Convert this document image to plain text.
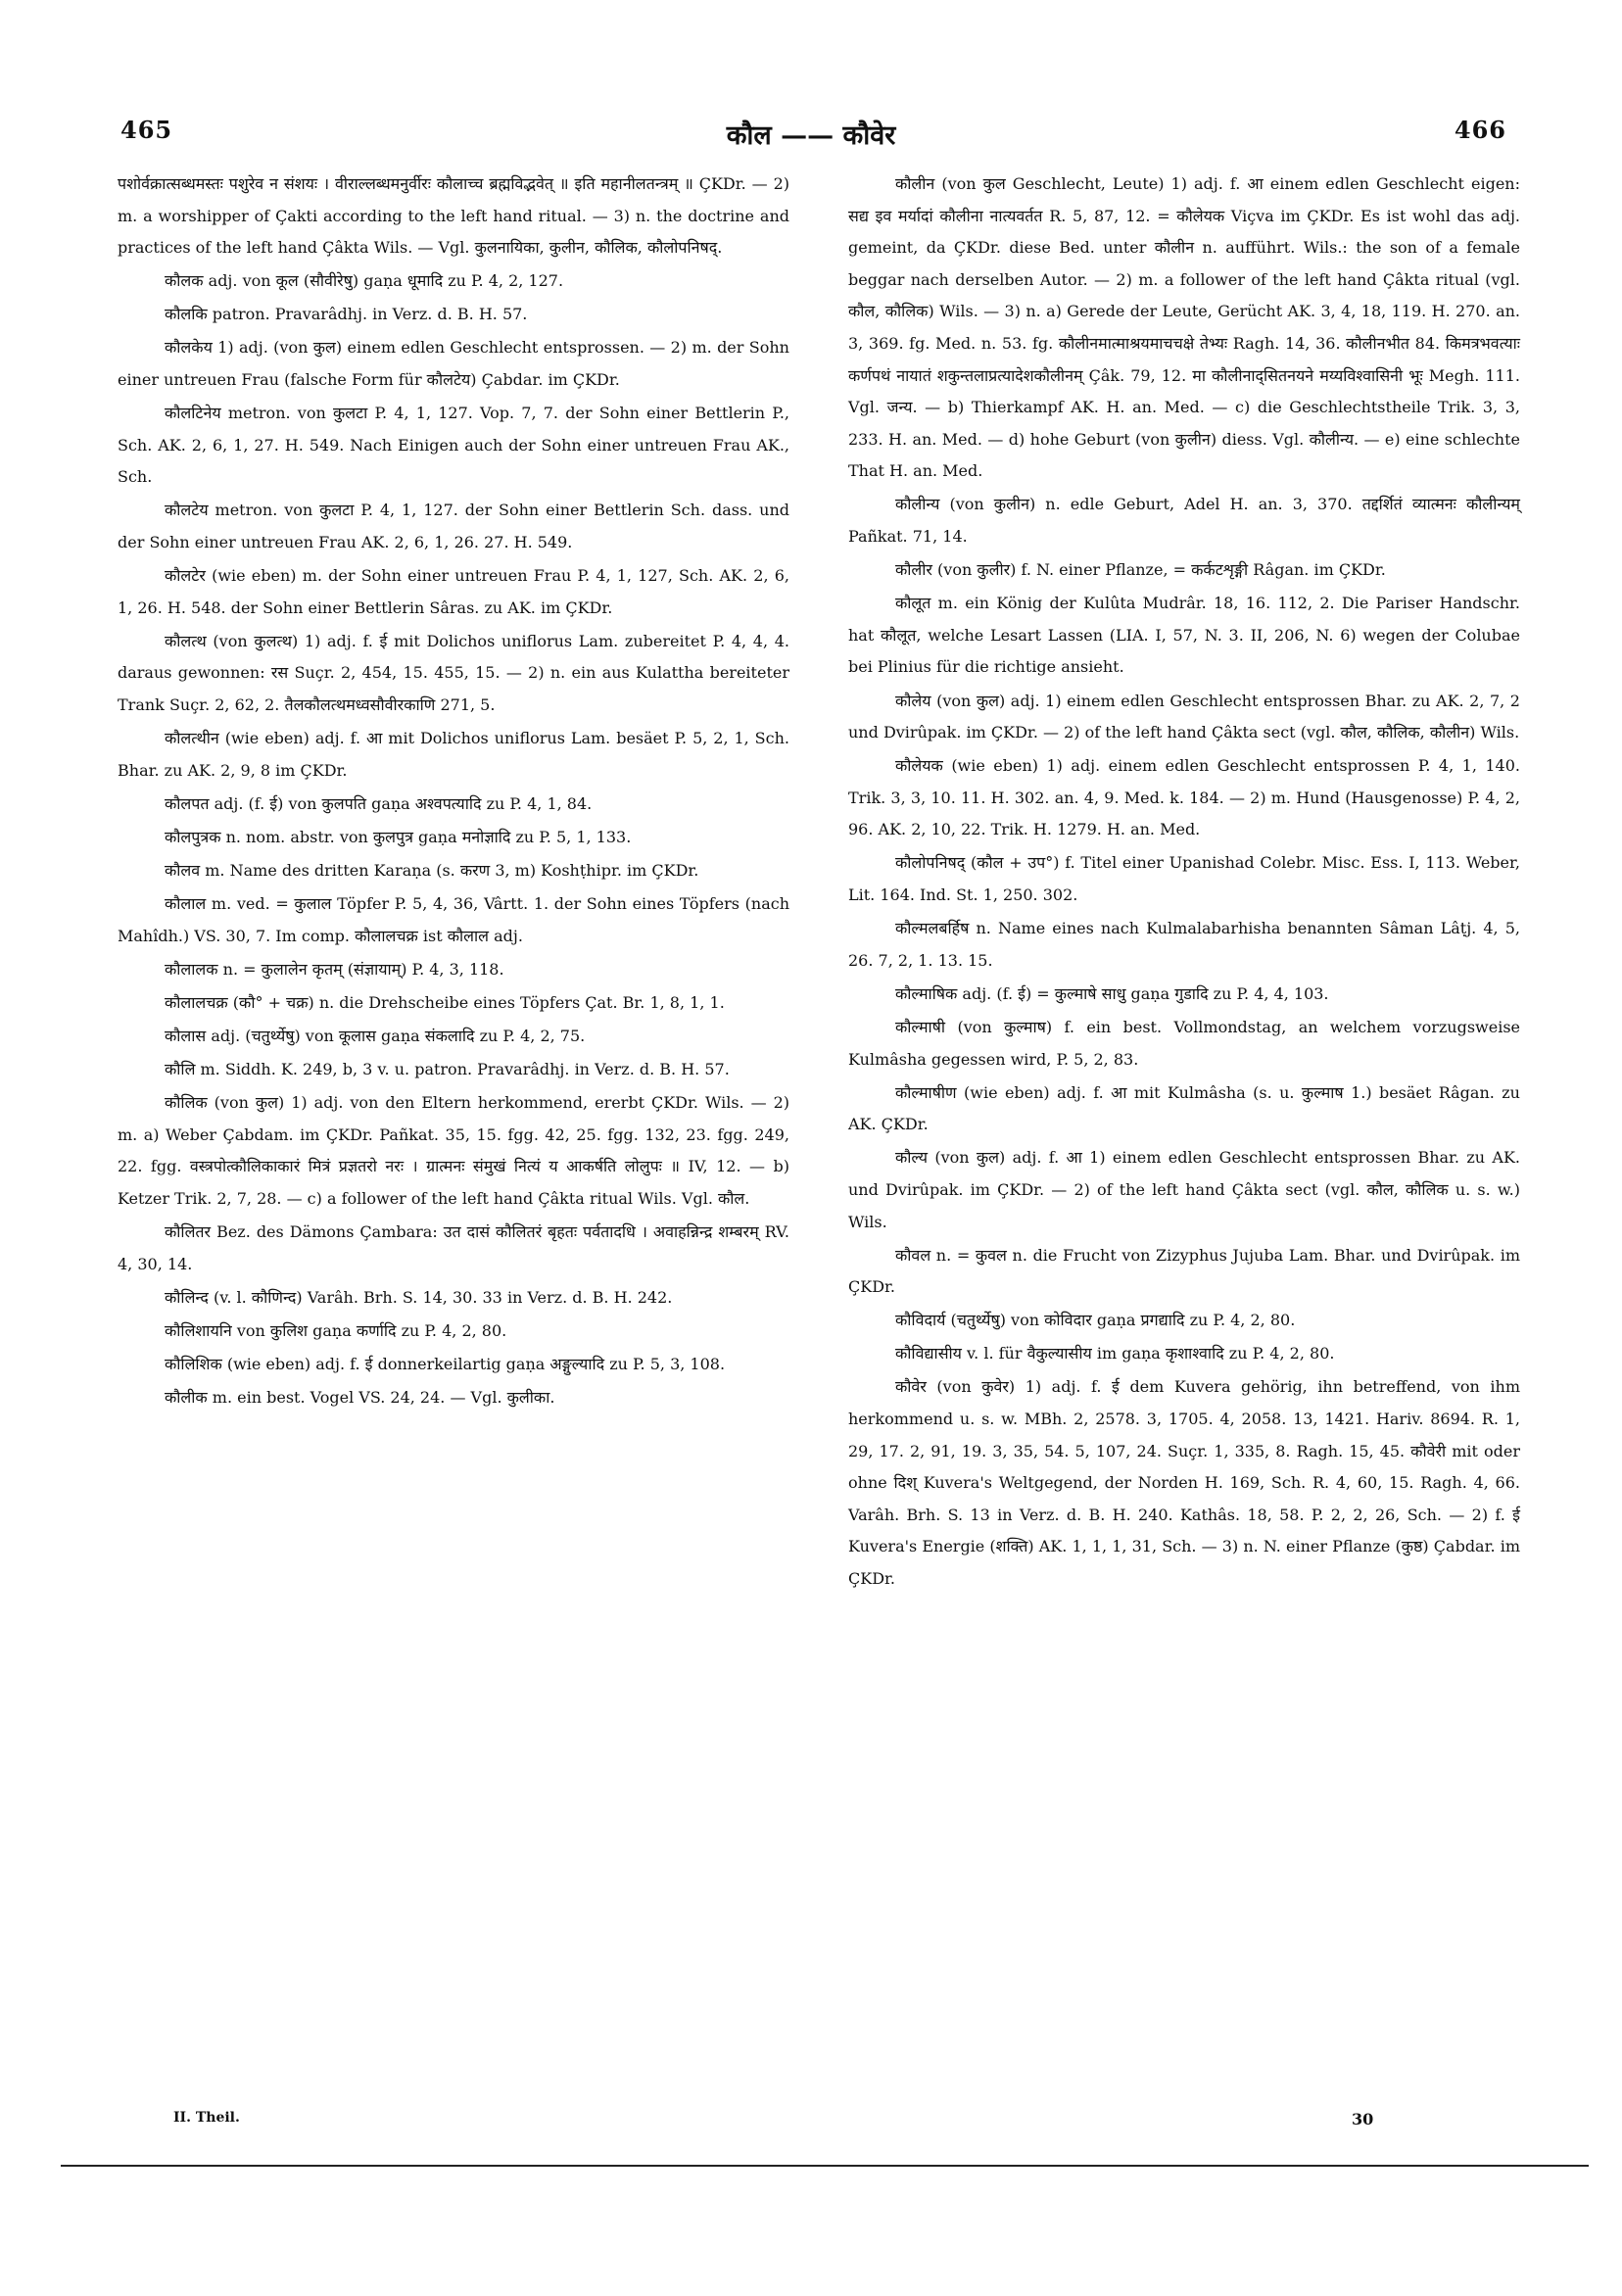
465	कौल —— कौवेर	466

पशोर्वक्रात्सब्धमस्तः पशुरेव न संशयः । वीराल्लब्धमनुर्वीरः कौलाच्च ब्रह्मविद्भवेत् ॥ इति महानीलतन्त्रम् ॥ ÇKDr. — 2) m. a worshipper of Çakti according to the left hand ritual. — 3) n. the doctrine and practices of the left hand Çâkta Wils. — Vgl. कुलनायिका, कुलीन, कौलिक, कौलोपनिषद्.

कौलक adj. von कूल (सौवीरेषु) gaṇa धूमादि zu P. 4, 2, 127.

कौलकि patron. Pravarâdhj. in Verz. d. B. H. 57.

कौलकेय 1) adj. (von कुल) einem edlen Geschlecht entsprossen. — 2) m. der Sohn einer untreuen Frau (falsche Form für कौलटेय) Çabdar. im ÇKDr.

कौलटिनेय metron. von कुलटा P. 4, 1, 127. Vop. 7, 7. der Sohn einer Bettlerin P., Sch. AK. 2, 6, 1, 27. H. 549. Nach Einigen auch der Sohn einer untreuen Frau AK., Sch.

कौलटेय metron. von कुलटा P. 4, 1, 127. der Sohn einer Bettlerin Sch. dass. und der Sohn einer untreuen Frau AK. 2, 6, 1, 26. 27. H. 549.

कौलटेर (wie eben) m. der Sohn einer untreuen Frau P. 4, 1, 127, Sch. AK. 2, 6, 1, 26. H. 548. der Sohn einer Bettlerin Sâras. zu AK. im ÇKDr.

कौलत्थ (von कुलत्थ) 1) adj. f. ई mit Dolichos uniflorus Lam. zubereitet P. 4, 4, 4. daraus gewonnen: रस Suçr. 2, 454, 15. 455, 15. — 2) n. ein aus Kulattha bereiteter Trank Suçr. 2, 62, 2. तैलकौलत्थमध्वसौवीरकाणि 271, 5.

कौलत्थीन (wie eben) adj. f. आ mit Dolichos uniflorus Lam. besäet P. 5, 2, 1, Sch. Bhar. zu AK. 2, 9, 8 im ÇKDr.

कौलपत adj. (f. ई) von कुलपति gaṇa अश्वपत्यादि zu P. 4, 1, 84.

कौलपुत्रक n. nom. abstr. von कुलपुत्र gaṇa मनोज्ञादि zu P. 5, 1, 133.

कौलव m. Name des dritten Karaṇa (s. करण 3, m) Koshṭhipr. im ÇKDr.

कौलाल m. ved. = कुलाल Töpfer P. 5, 4, 36, Vârtt. 1. der Sohn eines Töpfers (nach Mahîdh.) VS. 30, 7. Im comp. कौलालचक्र ist कौलाल adj.

कौलालक n. = कुलालेन कृतम् (संज्ञायाम्) P. 4, 3, 118.

कौलालचक्र (कौ° + चक्र) n. die Drehscheibe eines Töpfers Çat. Br. 1, 8, 1, 1.

कौलास adj. (चतुर्थ्येषु) von कूलास gaṇa संकलादि zu P. 4, 2, 75.

कौलि m. Siddh. K. 249, b, 3 v. u. patron. Pravarâdhj. in Verz. d. B. H. 57.

कौलिक (von कुल) 1) adj. von den Eltern herkommend, ererbt ÇKDr. Wils. — 2) m. a) Weber Çabdam. im ÇKDr. Pañkat. 35, 15. fgg. 42, 25. fgg. 132, 23. fgg. 249, 22. fgg. वस्त्रपोत्कौलिकाकारं मित्रं प्रज्ञतरो नरः । ग्रात्मनः संमुखं नित्यं य आकर्षति लोलुपः ॥ IV, 12. — b) Ketzer Trik. 2, 7, 28. — c) a follower of the left hand Çâkta ritual Wils. Vgl. कौल.

कौलितर Bez. des Dämons Çambara: उत दासं कौलितरं बृहतः पर्वतादधि । अवाहन्निन्द्र शम्बरम् RV. 4, 30, 14.

कौलिन्द (v. l. कौणिन्द) Varâh. Brh. S. 14, 30. 33 in Verz. d. B. H. 242.

कौलिशायनि von कुलिश gaṇa कर्णादि zu P. 4, 2, 80.

कौलिशिक (wie eben) adj. f. ई donnerkeilartig gaṇa अङ्गुल्यादि zu P. 5, 3, 108.

कौलीक m. ein best. Vogel VS. 24, 24. — Vgl. कुलीका.

कौलीन (von कुल Geschlecht, Leute) 1) adj. f. आ einem edlen Geschlecht eigen: सद्य इव मर्यादां कौलीना नात्यवर्तत R. 5, 87, 12. = कौलेयक Viçva im ÇKDr. Es ist wohl das adj. gemeint, da ÇKDr. diese Bed. unter कौलीन n. aufführt. Wils.: the son of a female beggar nach derselben Autor. — 2) m. a follower of the left hand Çâkta ritual (vgl. कौल, कौलिक) Wils. — 3) n. a) Gerede der Leute, Gerücht AK. 3, 4, 18, 119. H. 270. an. 3, 369. fg. Med. n. 53. fg. कौलीनमात्माश्रयमाचचक्षे तेभ्यः Ragh. 14, 36. कौलीनभीत 84. किमत्रभवत्याः कर्णपथं नायातं शकुन्तलाप्रत्यादेशकौलीनम् Çâk. 79, 12. मा कौलीनाद्सितनयने मय्यविश्वासिनी भूः Megh. 111. Vgl. जन्य. — b) Thierkampf AK. H. an. Med. — c) die Geschlechtstheile Trik. 3, 3, 233. H. an. Med. — d) hohe Geburt (von कुलीन) diess. Vgl. कौलीन्य. — e) eine schlechte That H. an. Med.

कौलीन्य (von कुलीन) n. edle Geburt, Adel H. an. 3, 370. तद्दर्शितं व्यात्मनः कौलीन्यम् Pañkat. 71, 14.

कौलीर (von कुलीर) f. N. einer Pflanze, = कर्कटशृङ्गी Râgan. im ÇKDr.

कौलूत m. ein König der Kulûta Mudrâr. 18, 16. 112, 2. Die Pariser Handschr. hat कौलूत, welche Lesart Lassen (LIA. I, 57, N. 3. II, 206, N. 6) wegen der Colubae bei Plinius für die richtige ansieht.

कौलेय (von कुल) adj. 1) einem edlen Geschlecht entsprossen Bhar. zu AK. 2, 7, 2 und Dvirûpak. im ÇKDr. — 2) of the left hand Çâkta sect (vgl. कौल, कौलिक, कौलीन) Wils.

कौलेयक (wie eben) 1) adj. einem edlen Geschlecht entsprossen P. 4, 1, 140. Trik. 3, 3, 10. 11. H. 302. an. 4, 9. Med. k. 184. — 2) m. Hund (Hausgenosse) P. 4, 2, 96. AK. 2, 10, 22. Trik. H. 1279. H. an. Med.

कौलोपनिषद् (कौल + उप°) f. Titel einer Upanishad Colebr. Misc. Ess. I, 113. Weber, Lit. 164. Ind. St. 1, 250. 302.

कौल्मलबर्हिष n. Name eines nach Kulmalabarhisha benannten Sâman Lâṭj. 4, 5, 26. 7, 2, 1. 13. 15.

कौल्माषिक adj. (f. ई) = कुल्माषे साधु gaṇa गुडादि zu P. 4, 4, 103.

कौल्माषी (von कुल्माष) f. ein best. Vollmondstag, an welchem vorzugsweise Kulmâsha gegessen wird, P. 5, 2, 83.

कौल्माषीण (wie eben) adj. f. आ mit Kulmâsha (s. u. कुल्माष 1.) besäet Râgan. zu AK. ÇKDr.

कौल्य (von कुल) adj. f. आ 1) einem edlen Geschlecht entsprossen Bhar. zu AK. und Dvirûpak. im ÇKDr. — 2) of the left hand Çâkta sect (vgl. कौल, कौलिक u. s. w.) Wils.

कौवल n. = कुवल n. die Frucht von Zizyphus Jujuba Lam. Bhar. und Dvirûpak. im ÇKDr.

कौविदार्य (चतुर्थ्येषु) von कोविदार gaṇa प्रगद्यादि zu P. 4, 2, 80.

कौविद्यासीय v. l. für वैकुल्यासीय im gaṇa कृशाश्वादि zu P. 4, 2, 80.

कौवेर (von कुवेर) 1) adj. f. ई dem Kuvera gehörig, ihn betreffend, von ihm herkommend u. s. w. MBh. 2, 2578. 3, 1705. 4, 2058. 13, 1421. Hariv. 8694. R. 1, 29, 17. 2, 91, 19. 3, 35, 54. 5, 107, 24. Suçr. 1, 335, 8. Ragh. 15, 45. कौवेरी mit oder ohne दिश् Kuvera's Weltgegend, der Norden H. 169, Sch. R. 4, 60, 15. Ragh. 4, 66. Varâh. Brh. S. 13 in Verz. d. B. H. 240. Kathâs. 18, 58. P. 2, 2, 26, Sch. — 2) f. ई Kuvera's Energie (शक्ति) AK. 1, 1, 1, 31, Sch. — 3) n. N. einer Pflanze (कुष्ठ) Çabdar. im ÇKDr.

II. Theil.	30
